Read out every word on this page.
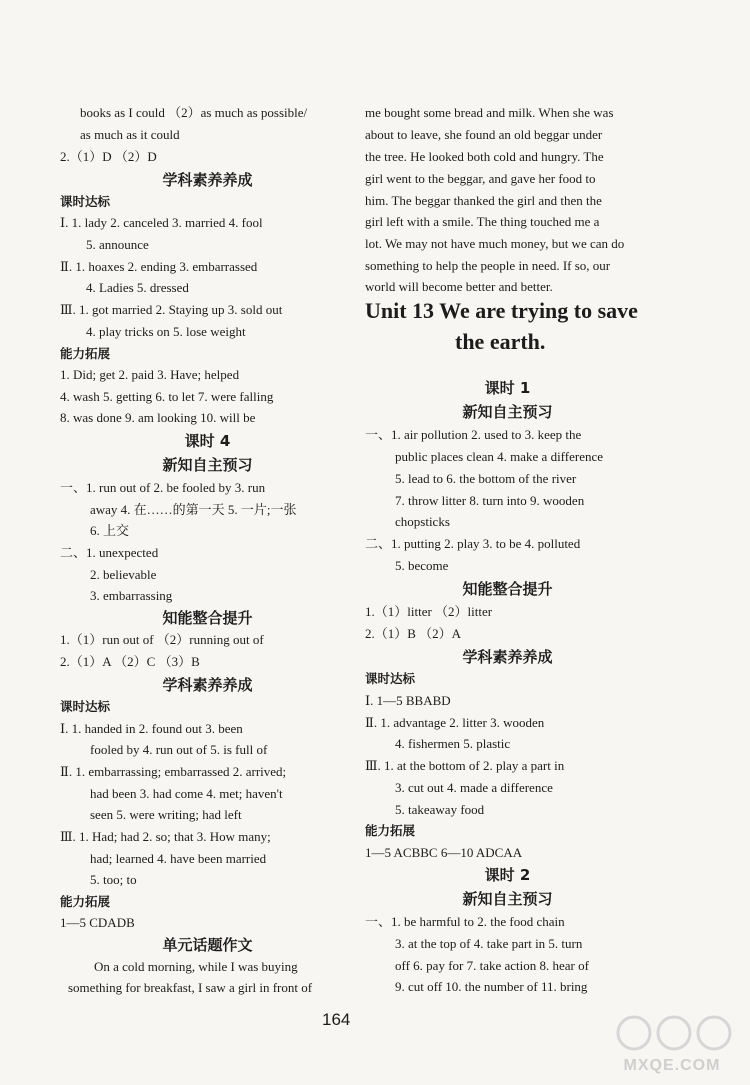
books as I could （2）as much as possible/
as much as it could
2.（1）D （2）D
学科素养养成
课时达标
Ⅰ. 1. lady 2. canceled 3. married 4. fool
5. announce
Ⅱ. 1. hoaxes 2. ending 3. embarrassed
4. Ladies 5. dressed
Ⅲ. 1. got married 2. Staying up 3. sold out
4. play tricks on 5. lose weight
能力拓展
1. Did; get 2. paid 3. Have; helped
4. wash 5. getting 6. to let 7. were falling
8. was done 9. am looking 10. will be
课时 4
新知自主预习
一、1. run out of 2. be fooled by 3. run
away 4. 在……的第一天 5. 一片;一张
6. 上交
二、1. unexpected
2. believable
3. embarrassing
知能整合提升
1.（1）run out of （2）running out of
2.（1）A （2）C （3）B
学科素养养成
课时达标
Ⅰ. 1. handed in 2. found out 3. been
fooled by 4. run out of 5. is full of
Ⅱ. 1. embarrassing; embarrassed 2. arrived;
had been 3. had come 4. met; haven't
seen 5. were writing; had left
Ⅲ. 1. Had; had 2. so; that 3. How many;
had; learned 4. have been married
5. too; to
能力拓展
1—5 CDADB
单元话题作文
On a cold morning, while I was buying
something for breakfast, I saw a girl in front of
me bought some bread and milk. When she was
about to leave, she found an old beggar under
the tree. He looked both cold and hungry. The
girl went to the beggar, and gave her food to
him. The beggar thanked the girl and then the
girl left with a smile. The thing touched me a
lot. We may not have much money, but we can do
something to help the people in need. If so, our
world will become better and better.
Unit 13 We are trying to save
the earth.
课时 1
新知自主预习
一、1. air pollution 2. used to 3. keep the
public places clean 4. make a difference
5. lead to 6. the bottom of the river
7. throw litter 8. turn into 9. wooden
chopsticks
二、1. putting 2. play 3. to be 4. polluted
5. become
知能整合提升
1.（1）litter （2）litter
2.（1）B （2）A
学科素养养成
课时达标
Ⅰ. 1—5 BBABD
Ⅱ. 1. advantage 2. litter 3. wooden
4. fishermen 5. plastic
Ⅲ. 1. at the bottom of 2. play a part in
3. cut out 4. made a difference
5. takeaway food
能力拓展
1—5 ACBBC 6—10 ADCAA
课时 2
新知自主预习
一、1. be harmful to 2. the food chain
3. at the top of 4. take part in 5. turn
off 6. pay for 7. take action 8. hear of
9. cut off 10. the number of 11. bring
164
MXQE.COM
